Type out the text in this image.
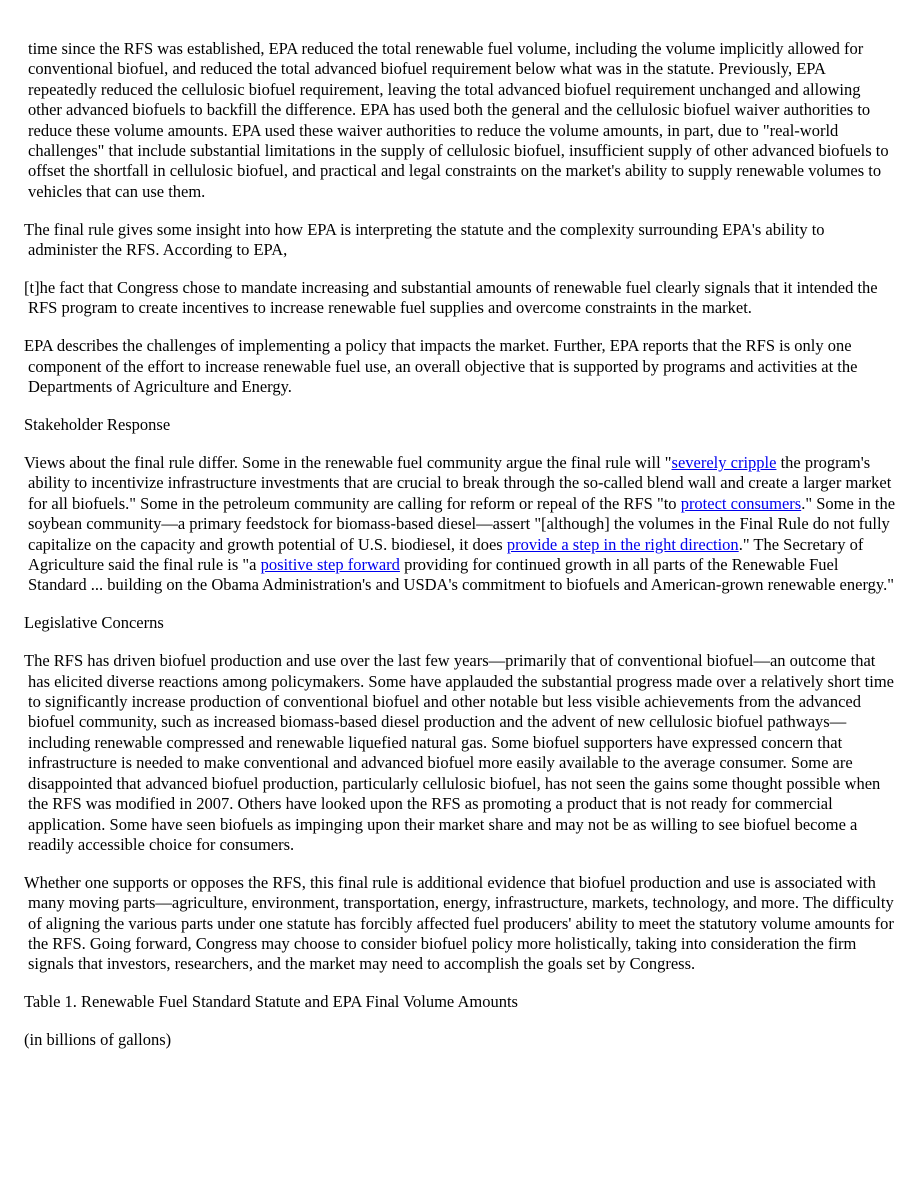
time since the RFS was established, EPA reduced the total renewable fuel volume, including the volume implicitly allowed for conventional biofuel, and reduced the total advanced biofuel requirement below what was in the statute. Previously, EPA repeatedly reduced the cellulosic biofuel requirement, leaving the total advanced biofuel requirement unchanged and allowing other advanced biofuels to backfill the difference. EPA has used both the general and the cellulosic biofuel waiver authorities to reduce these volume amounts. EPA used these waiver authorities to reduce the volume amounts, in part, due to "real-world challenges" that include substantial limitations in the supply of cellulosic biofuel, insufficient supply of other advanced biofuels to offset the shortfall in cellulosic biofuel, and practical and legal constraints on the market's ability to supply renewable volumes to vehicles that can use them.

The final rule gives some insight into how EPA is interpreting the statute and the complexity surrounding EPA's ability to administer the RFS. According to EPA,

[t]he fact that Congress chose to mandate increasing and substantial amounts of renewable fuel clearly signals that it intended the RFS program to create incentives to increase renewable fuel supplies and overcome constraints in the market.

EPA describes the challenges of implementing a policy that impacts the market. Further, EPA reports that the RFS is only one component of the effort to increase renewable fuel use, an overall objective that is supported by programs and activities at the Departments of Agriculture and Energy.

Stakeholder Response

Views about the final rule differ. Some in the renewable fuel community argue the final rule will "severely cripple the program's ability to incentivize infrastructure investments that are crucial to break through the so-called blend wall and create a larger market for all biofuels." Some in the petroleum community are calling for reform or repeal of the RFS "to protect consumers." Some in the soybean community—a primary feedstock for biomass-based diesel—assert "[although] the volumes in the Final Rule do not fully capitalize on the capacity and growth potential of U.S. biodiesel, it does provide a step in the right direction." The Secretary of Agriculture said the final rule is "a positive step forward providing for continued growth in all parts of the Renewable Fuel Standard ... building on the Obama Administration's and USDA's commitment to biofuels and American-grown renewable energy."

Legislative Concerns

The RFS has driven biofuel production and use over the last few years—primarily that of conventional biofuel—an outcome that has elicited diverse reactions among policymakers. Some have applauded the substantial progress made over a relatively short time to significantly increase production of conventional biofuel and other notable but less visible achievements from the advanced biofuel community, such as increased biomass-based diesel production and the advent of new cellulosic biofuel pathways—including renewable compressed and renewable liquefied natural gas. Some biofuel supporters have expressed concern that infrastructure is needed to make conventional and advanced biofuel more easily available to the average consumer. Some are disappointed that advanced biofuel production, particularly cellulosic biofuel, has not seen the gains some thought possible when the RFS was modified in 2007. Others have looked upon the RFS as promoting a product that is not ready for commercial application. Some have seen biofuels as impinging upon their market share and may not be as willing to see biofuel become a readily accessible choice for consumers.

Whether one supports or opposes the RFS, this final rule is additional evidence that biofuel production and use is associated with many moving parts—agriculture, environment, transportation, energy, infrastructure, markets, technology, and more. The difficulty of aligning the various parts under one statute has forcibly affected fuel producers' ability to meet the statutory volume amounts for the RFS. Going forward, Congress may choose to consider biofuel policy more holistically, taking into consideration the firm signals that investors, researchers, and the market may need to accomplish the goals set by Congress.

Table 1. Renewable Fuel Standard Statute and EPA Final Volume Amounts

(in billions of gallons)
